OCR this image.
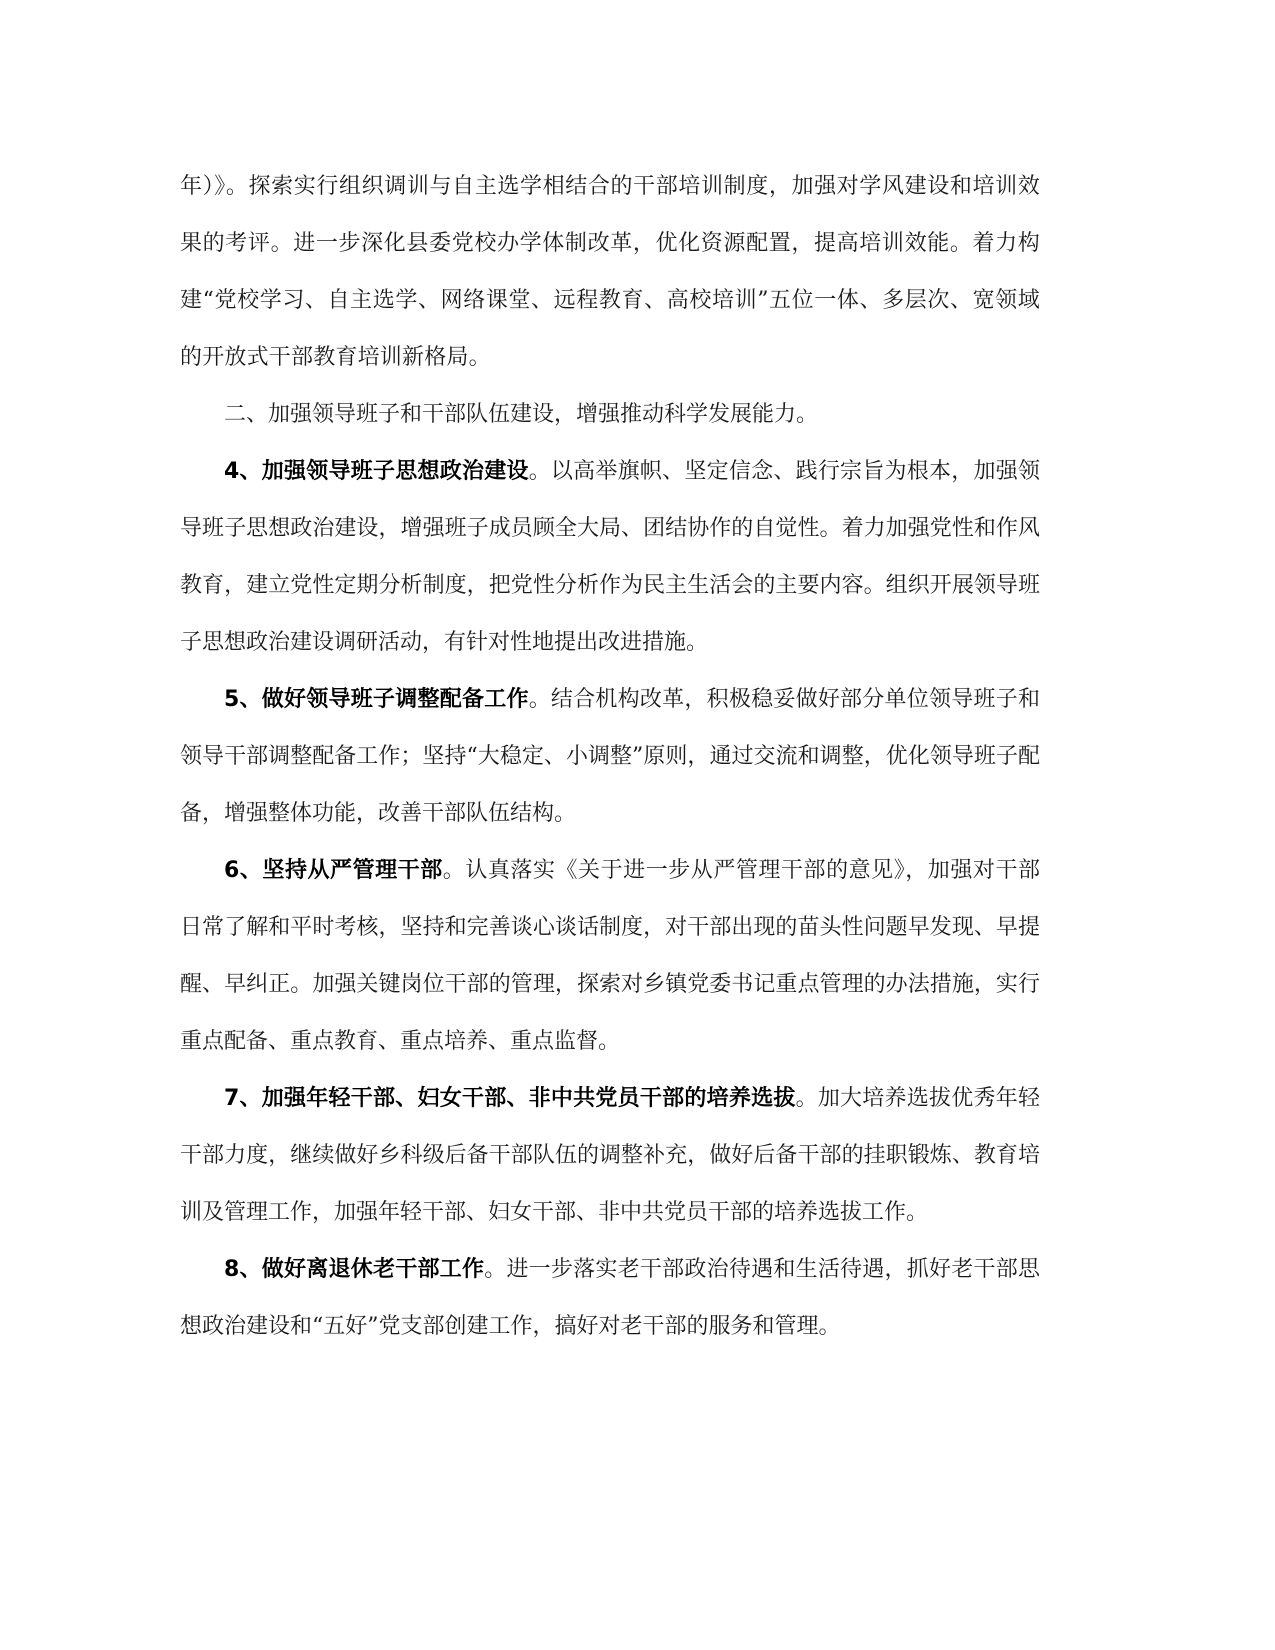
年）》。探索实行组织调训与自主选学相结合的干部培训制度，加强对学风建设和培训效果的考评。进一步深化县委党校办学体制改革，优化资源配置，提高培训效能。着力构建“党校学习、自主选学、网络课堂、远程教育、高校培训”五位一体、多层次、宽领域的开放式干部教育培训新格局。

二、加强领导班子和干部队伍建设，增强推动科学发展能力。

4、加强领导班子思想政治建设。以高举旗帜、坚定信念、践行宗旨为根本，加强领导班子思想政治建设，增强班子成员顾全大局、团结协作的自觉性。着力加强党性和作风教育，建立党性定期分析制度，把党性分析作为民主生活会的主要内容。组织开展领导班子思想政治建设调研活动，有针对性地提出改进措施。

5、做好领导班子调整配备工作。结合机构改革，积极稳妥做好部分单位领导班子和领导干部调整配备工作；坚持“大稳定、小调整”原则，通过交流和调整，优化领导班子配备，增强整体功能，改善干部队伍结构。

6、坚持从严管理干部。认真落实《关于进一步从严管理干部的意见》，加强对干部日常了解和平时考核，坚持和完善谈心谈话制度，对干部出现的苗头性问题早发现、早提醒、早纠正。加强关键岗位干部的管理，探索对乡镇党委书记重点管理的办法措施，实行重点配备、重点教育、重点培养、重点监督。

7、加强年轻干部、妇女干部、非中共党员干部的培养选拔。加大培养选拔优秀年轻干部力度，继续做好乡科级后备干部队伍的调整补充，做好后备干部的挂职锻炼、教育培训及管理工作，加强年轻干部、妇女干部、非中共党员干部的培养选拔工作。

8、做好离退休老干部工作。进一步落实老干部政治待遇和生活待遇，抓好老干部思想政治建设和“五好”党支部创建工作，搞好对老干部的服务和管理。
